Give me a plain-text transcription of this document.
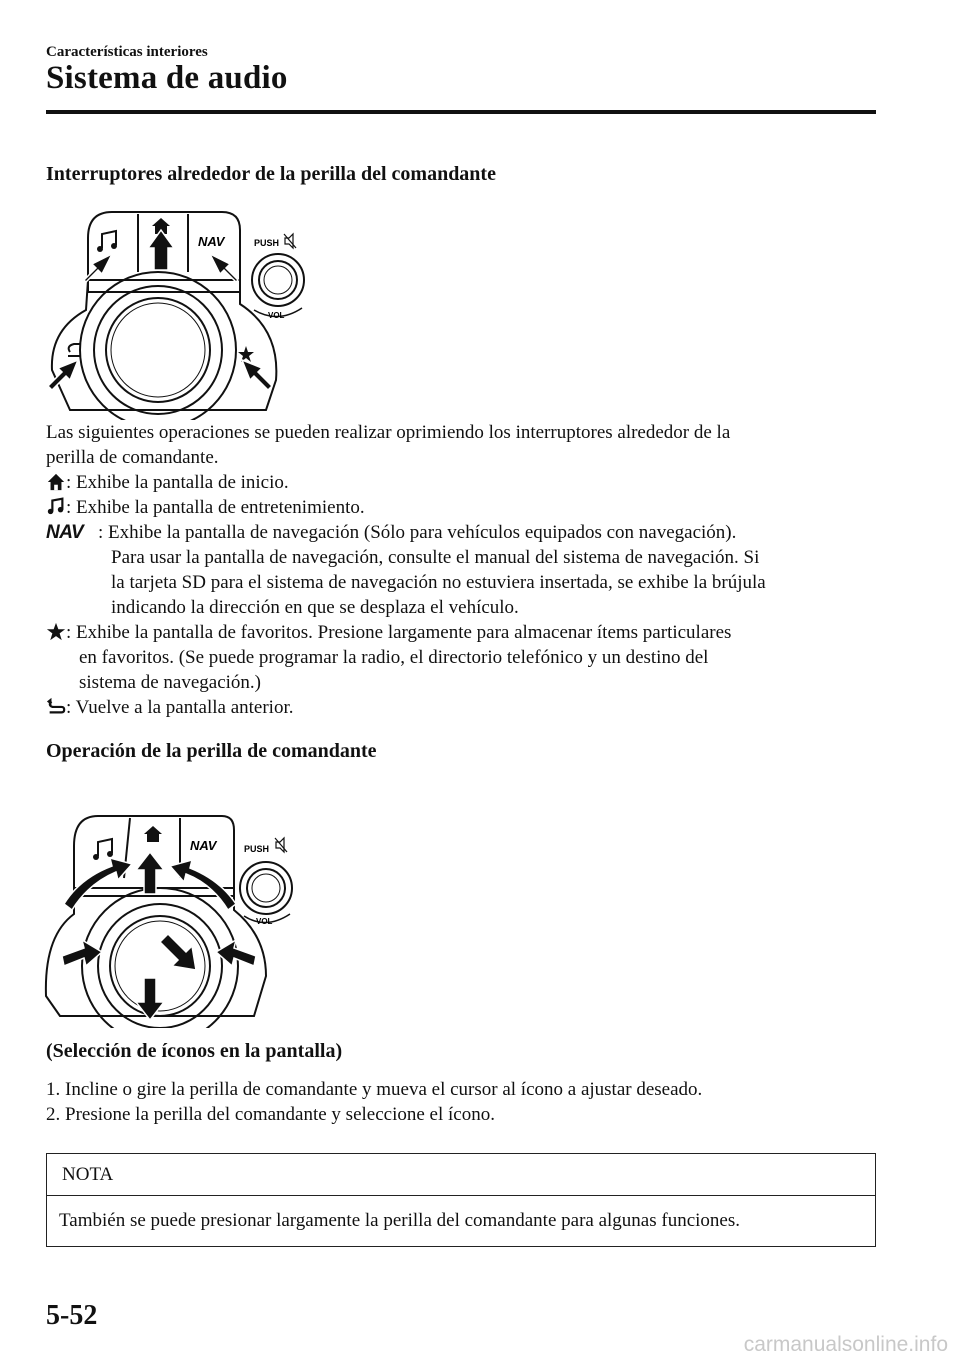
Características interiores
Sistema de audio
Interruptores alrededor de la perilla del comandante
NAV	PUSH
VOL
Las siguientes operaciones se pueden realizar oprimiendo los interruptores alrededor de la
perilla de comandante.
: Exhibe la pantalla de inicio.
: Exhibe la pantalla de entretenimiento.
NAV : Exhibe la pantalla de navegación (Sólo para vehículos equipados con navegación).
Para usar la pantalla de navegación, consulte el manual del sistema de navegación. Si
la tarjeta SD para el sistema de navegación no estuviera insertada, se exhibe la brújula
indicando la dirección en que se desplaza el vehículo.
: Exhibe la pantalla de favoritos. Presione largamente para almacenar ítems particulares
en favoritos. (Se puede programar la radio, el directorio telefónico y un destino del
sistema de navegación.)
: Vuelve a la pantalla anterior.
Operación de la perilla de comandante
NAV	PUSH
VOL
(Selección de íconos en la pantalla)
1. Incline o gire la perilla de comandante y mueva el cursor al ícono a ajustar deseado.
2. Presione la perilla del comandante y seleccione el ícono.
NOTA
También se puede presionar largamente la perilla del comandante para algunas funciones.
5-52
carmanualsonline.info
